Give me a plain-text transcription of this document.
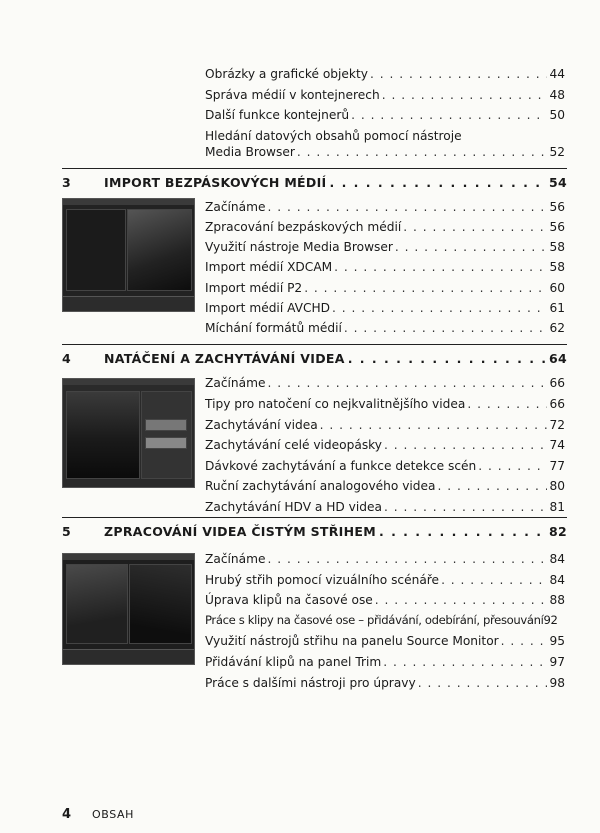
Obrázky a grafické objekty . . .	44
Správa médií v kontejnerech . . .	48
Další funkce kontejnerů . . .	50
Hledání datových obsahů pomocí nástroje
Media Browser . . .	52
3	IMPORT BEZPÁSKOVÝCH MÉDIÍ . . .	54
Začínáme . . .	56
Zpracování bezpáskových médií . . .	56
Využití nástroje Media Browser . . .	58
Import médií XDCAM . . .	58
Import médií P2 . . .	60
Import médií AVCHD . . .	61
Míchání formátů médií . . .	62
4	NATÁČENÍ A ZACHYTÁVÁNÍ VIDEA . . .	64
Začínáme . . .	66
Tipy pro natočení co nejkvalitnějšího videa . . .	66
Zachytávání videa . . .	72
Zachytávání celé videopásky . . .	74
Dávkové zachytávání a funkce detekce scén . . .	77
Ruční zachytávání analogového videa . . .	80
Zachytávání HDV a HD videa . . .	81
5	ZPRACOVÁNÍ VIDEA ČISTÝM STŘIHEM . . .	82
Začínáme . . .	84
Hrubý střih pomocí vizuálního scénáře . . .	84
Úprava klipů na časové ose . . .	88
Práce s klipy na časové ose – přidávání, odebírání, přesouvání 92
Využití nástrojů střihu na panelu Source Monitor . . .	95
Přidávání klipů na panel Trim . . .	97
Práce s dalšími nástroji pro úpravy . . .	98
4 OBSAH
